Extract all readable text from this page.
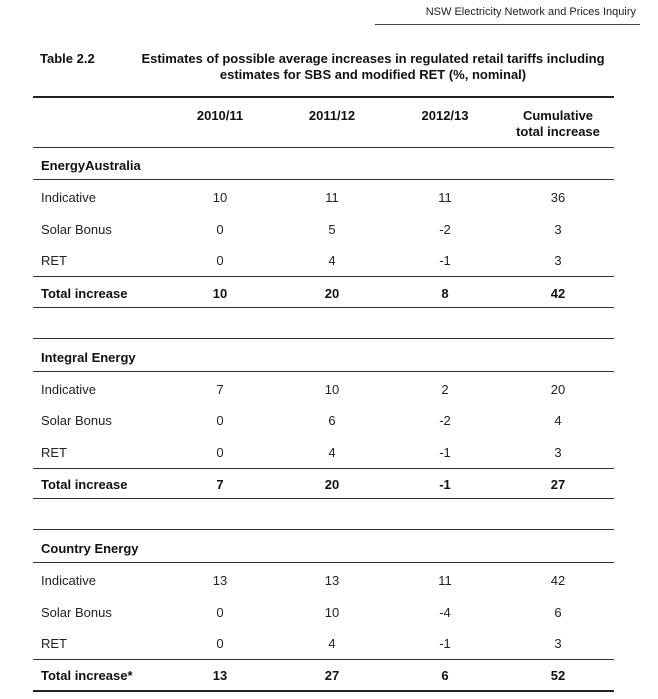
NSW Electricity Network and Prices Inquiry
Table 2.2	Estimates of possible average increases in regulated retail tariffs including
estimates for SBS and modified RET (%, nominal)
2010/11	2011/12	2012/13	Cumulative
total increase
EnergyAustralia
Indicative	10	11	11	36
Solar Bonus	0	5	-2	3
RET	0	4	-1	3
Total increase	10	20	8	42
Integral Energy
Indicative	7	10	2	20
Solar Bonus	0	6	-2	4
RET	0	4	-1	3
Total increase	7	20	-1	27
Country Energy
Indicative	13	13	11	42
Solar Bonus	0	10	-4	6
RET	0	4	-1	3
Total increase*	13	27	6	52
